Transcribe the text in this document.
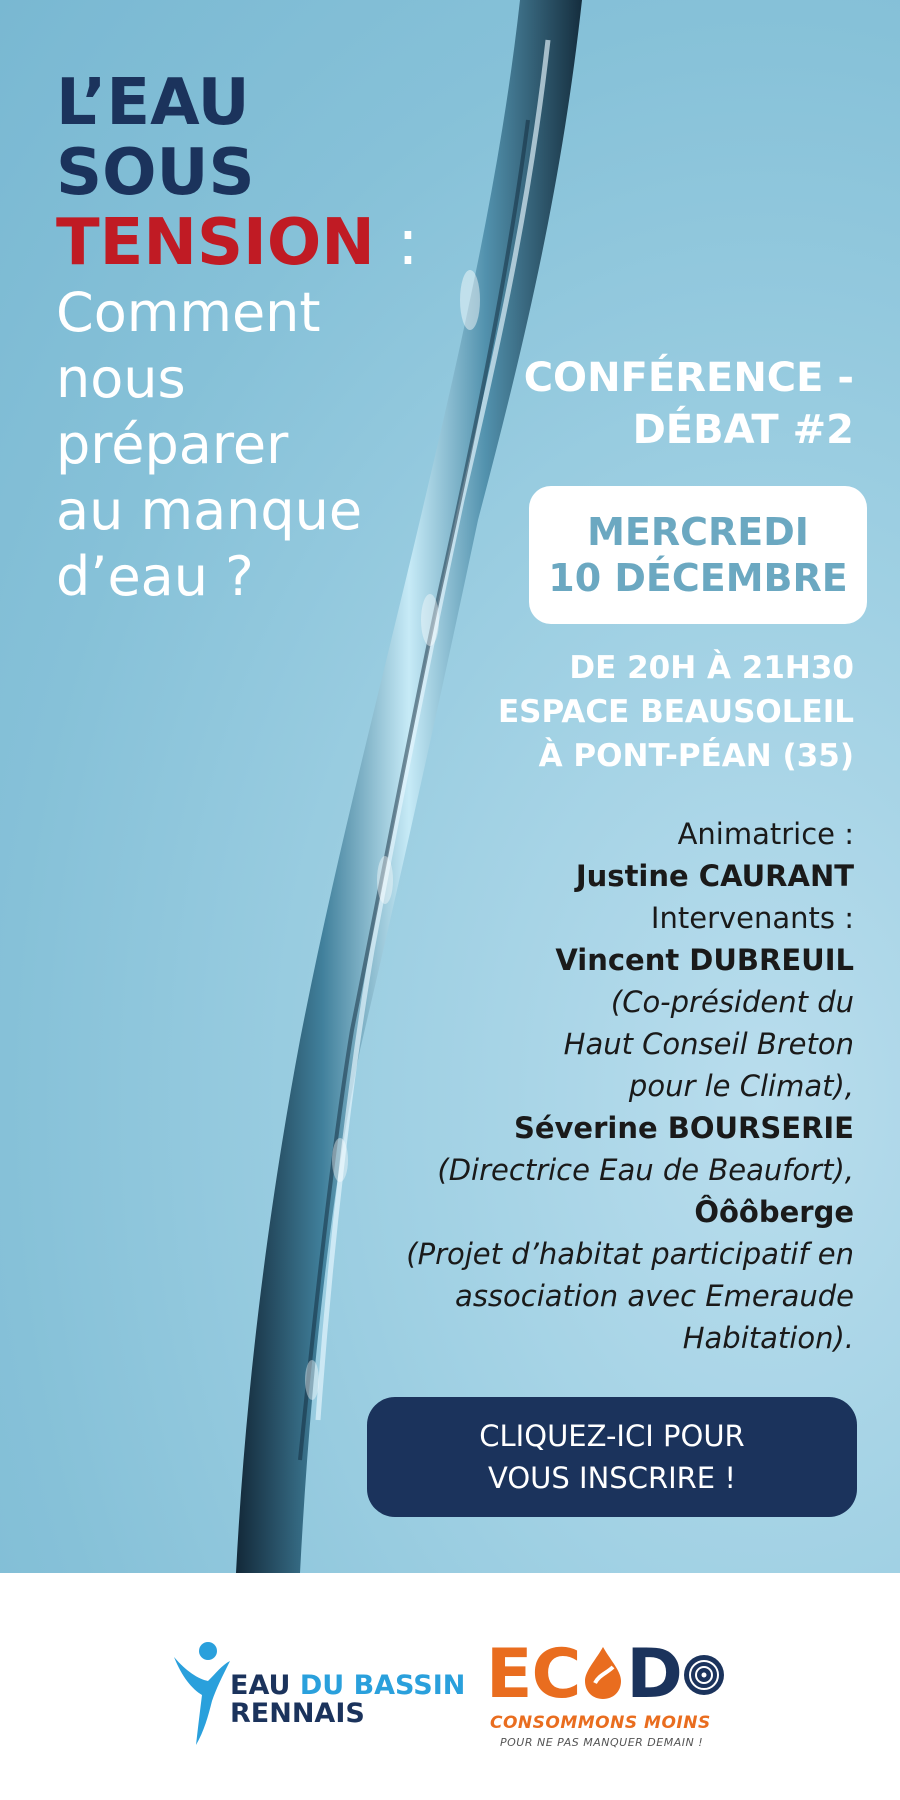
L’EAU
SOUS
TENSION :
Comment
nous
préparer
au manque
d’eau ?
CONFÉRENCE -
DÉBAT #2
MERCREDI
10 DÉCEMBRE
DE 20H À 21H30
ESPACE BEAUSOLEIL
À PONT-PÉAN (35)
Animatrice :
Justine CAURANT
Intervenants :
Vincent DUBREUIL
(Co-président du
Haut Conseil Breton
pour le Climat),
Séverine BOURSERIE
(Directrice Eau de Beaufort),
Ôôôberge
(Projet d’habitat participatif en
association avec Emeraude
Habitation).
CLIQUEZ-ICI POUR
VOUS INSCRIRE !
EAU DU BASSIN
RENNAIS EC D
CONSOMMONS MOINS
POUR NE PAS MANQUER DEMAIN !
